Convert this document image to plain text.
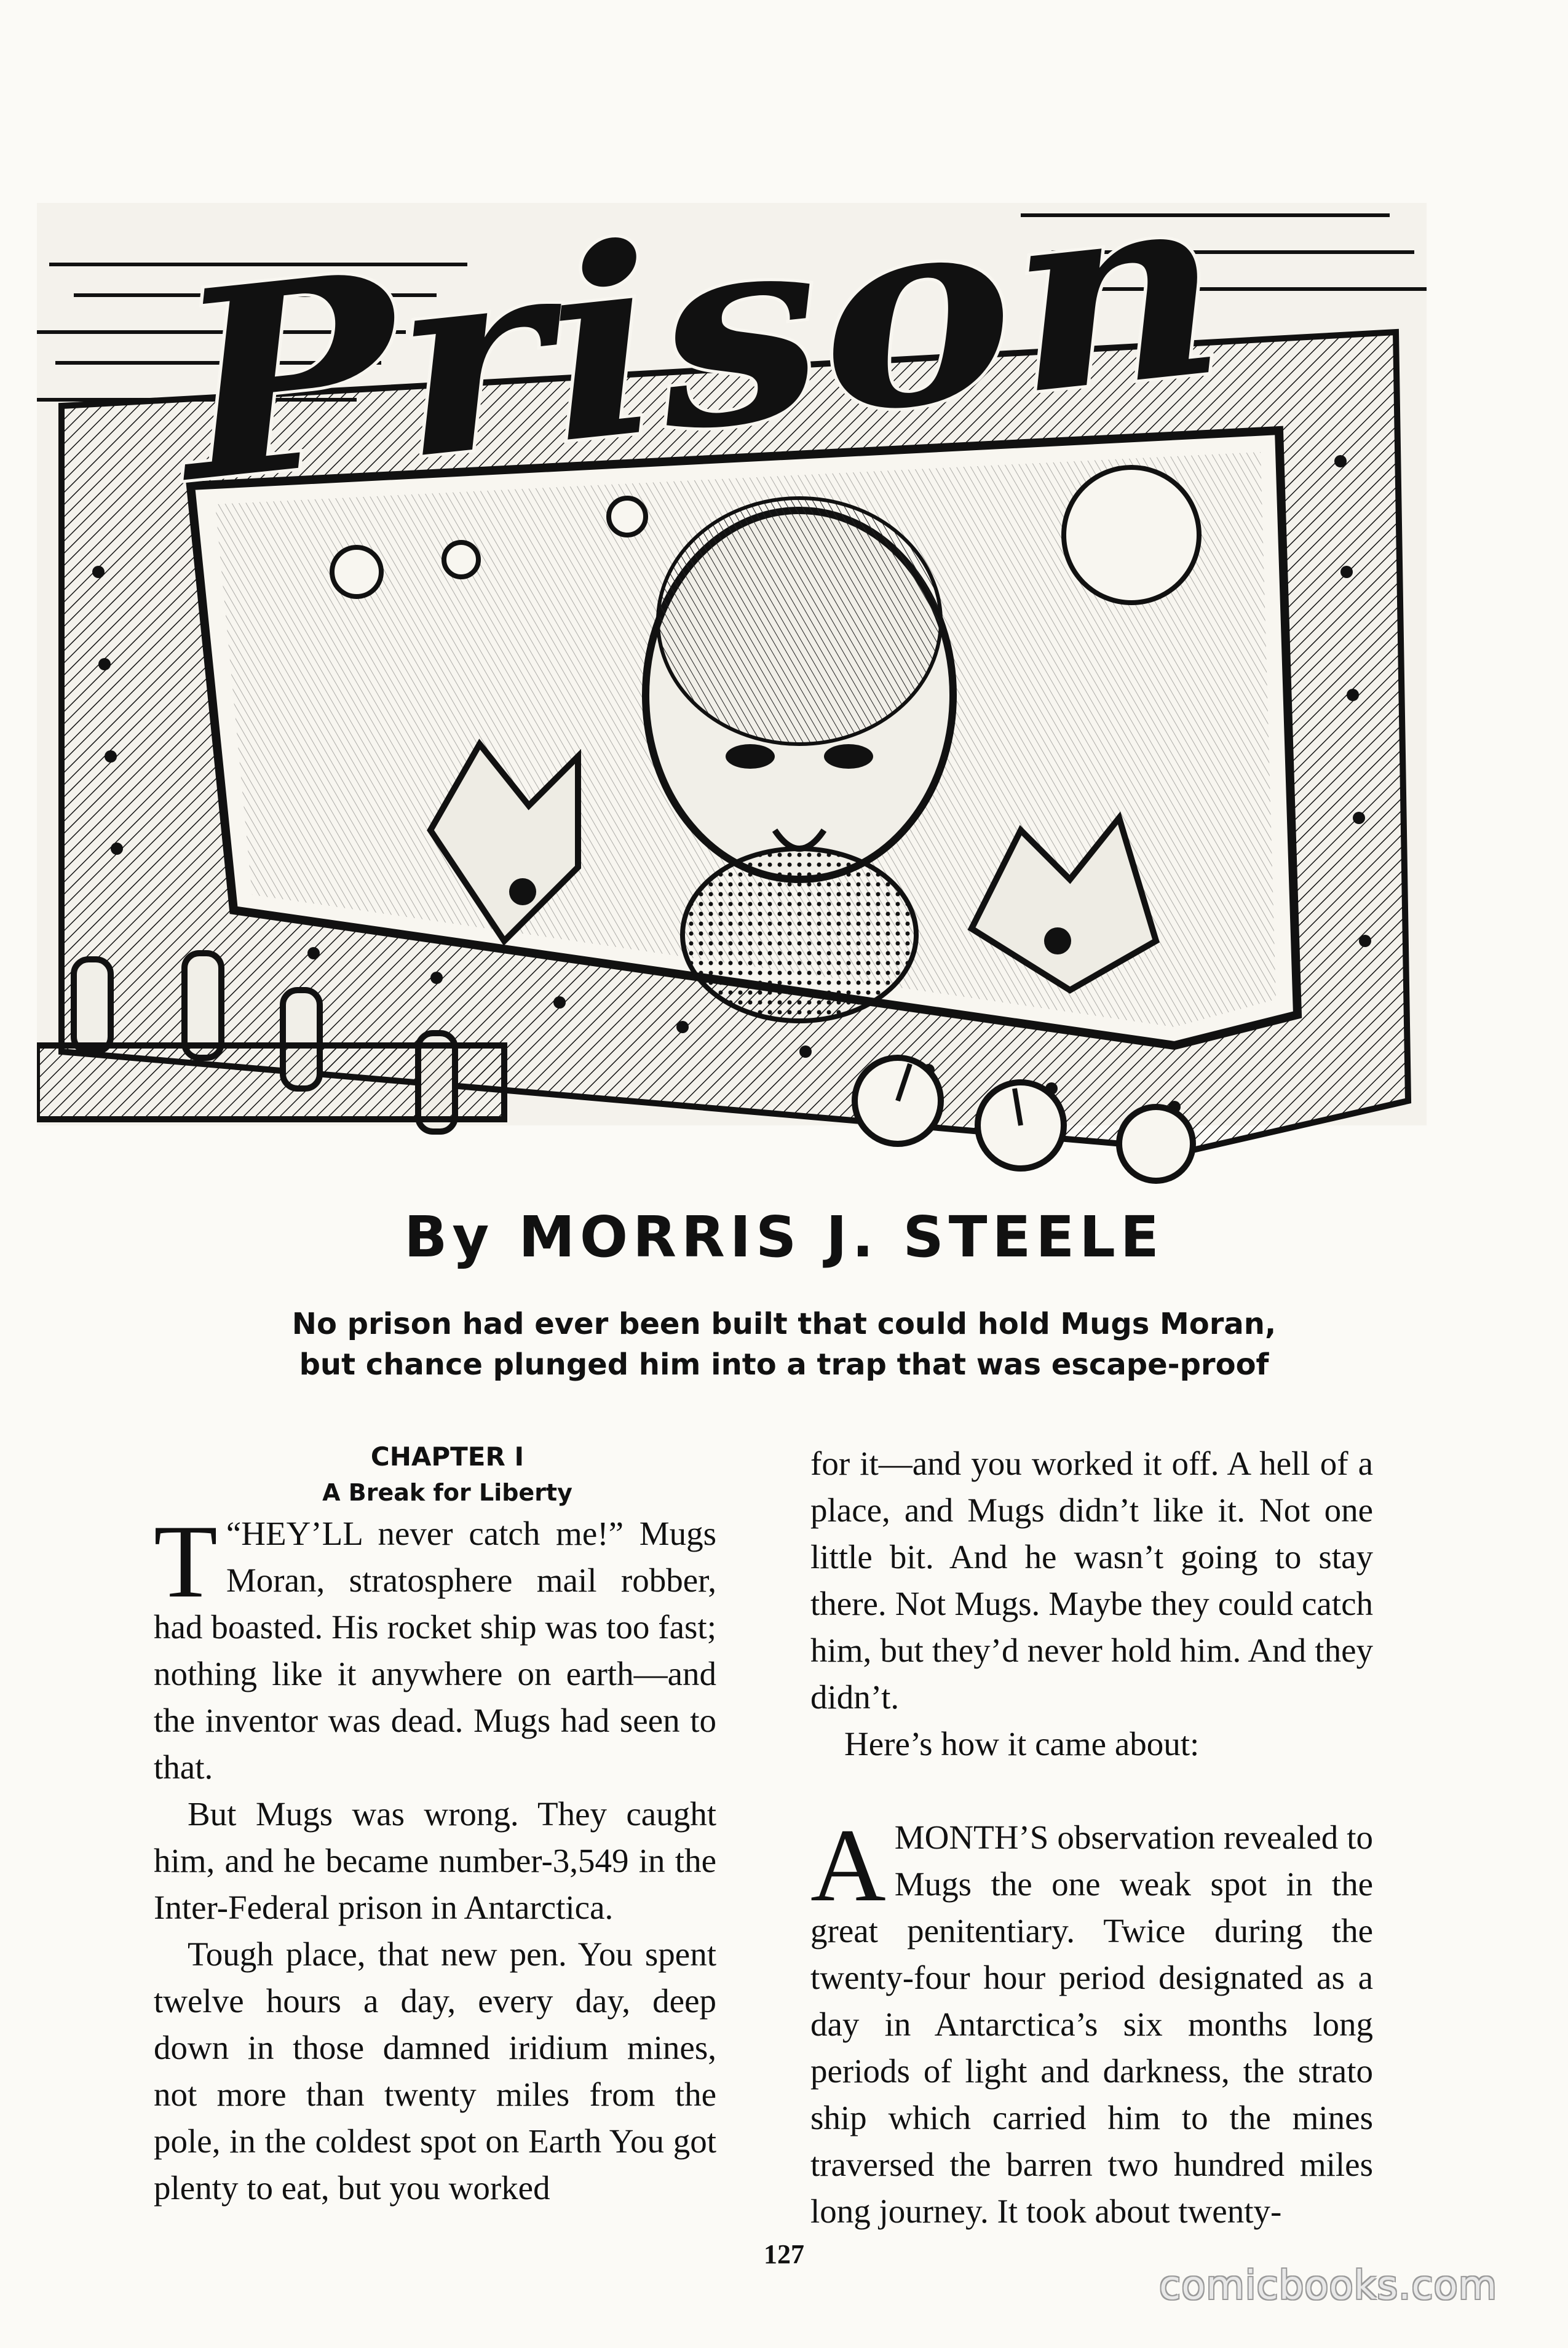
Prison
By MORRIS J. STEELE
No prison had ever been built that could hold Mugs Moran,
but chance plunged him into a trap that was escape-proof
CHAPTER I
A Break for Liberty

T “HEY’LL never catch me!” Mugs Moran, stratosphere mail robber, had boasted. His rocket ship was too fast; nothing like it anywhere on earth—and the inventor was dead. Mugs had seen to that.

But Mugs was wrong. They caught him, and he became number-3,549 in the Inter-Federal prison in Antarctica.

Tough place, that new pen. You spent twelve hours a day, every day, deep down in those damned iridium mines, not more than twenty miles from the pole, in the coldest spot on Earth You got plenty to eat, but you worked

for it—and you worked it off. A hell of a place, and Mugs didn’t like it. Not one little bit. And he wasn’t going to stay there. Not Mugs. Maybe they could catch him, but they’d never hold him. And they didn’t.

Here’s how it came about:

AMONTH’S observation revealed to Mugs the one weak spot in the great penitentiary. Twice during the twenty-four hour period designated as a day in Antarctica’s six months long periods of light and darkness, the strato ship which carried him to the mines traversed the barren two hundred miles long journey. It took about twenty-

127
comicbooks.com
